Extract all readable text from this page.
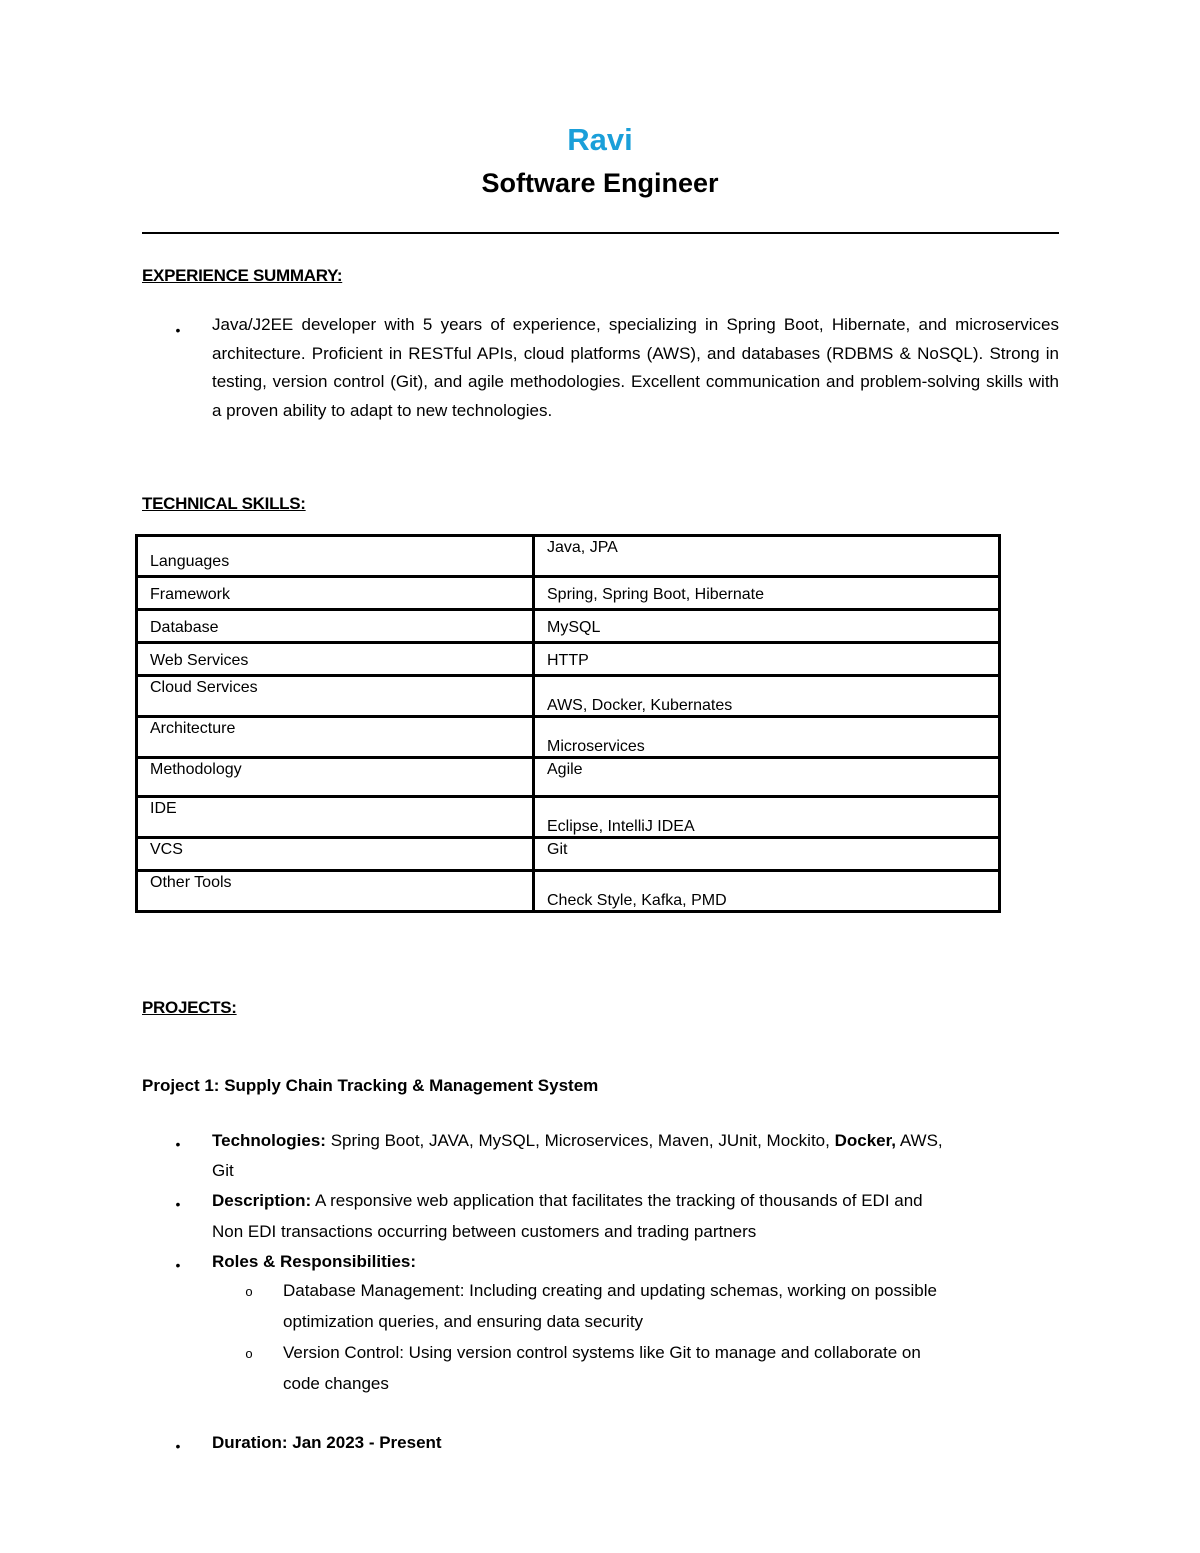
Ravi
Software Engineer
EXPERIENCE SUMMARY:
• Java/J2EE developer with 5 years of experience, specializing in Spring Boot, Hibernate, and microservices architecture. Proficient in RESTful APIs, cloud platforms (AWS), and databases (RDBMS & NoSQL). Strong in testing, version control (Git), and agile methodologies. Excellent communication and problem-solving skills with a proven ability to adapt to new technologies.
TECHNICAL SKILLS:
Languages	Java, JPA

Framework	Spring, Spring Boot, Hibernate

Database	MySQL

Web Services	HTTP

Cloud Services	AWS, Docker, Kubernates

Architecture	Microservices

Methodology	Agile

IDE	Eclipse, IntelliJ IDEA

VCS	Git

Other Tools	Check Style, Kafka, PMD
PROJECTS:
Project 1: Supply Chain Tracking & Management System
• Technologies: Spring Boot, JAVA, MySQL, Microservices, Maven, JUnit, Mockito, Docker, AWS,
Git
• Description: A responsive web application that facilitates the tracking of thousands of EDI and
Non EDI transactions occurring between customers and trading partners
• Roles & Responsibilities:
o Database Management: Including creating and updating schemas, working on possible
optimization queries, and ensuring data security
o Version Control: Using version control systems like Git to manage and collaborate on
code changes
• Duration: Jan 2023 - Present
